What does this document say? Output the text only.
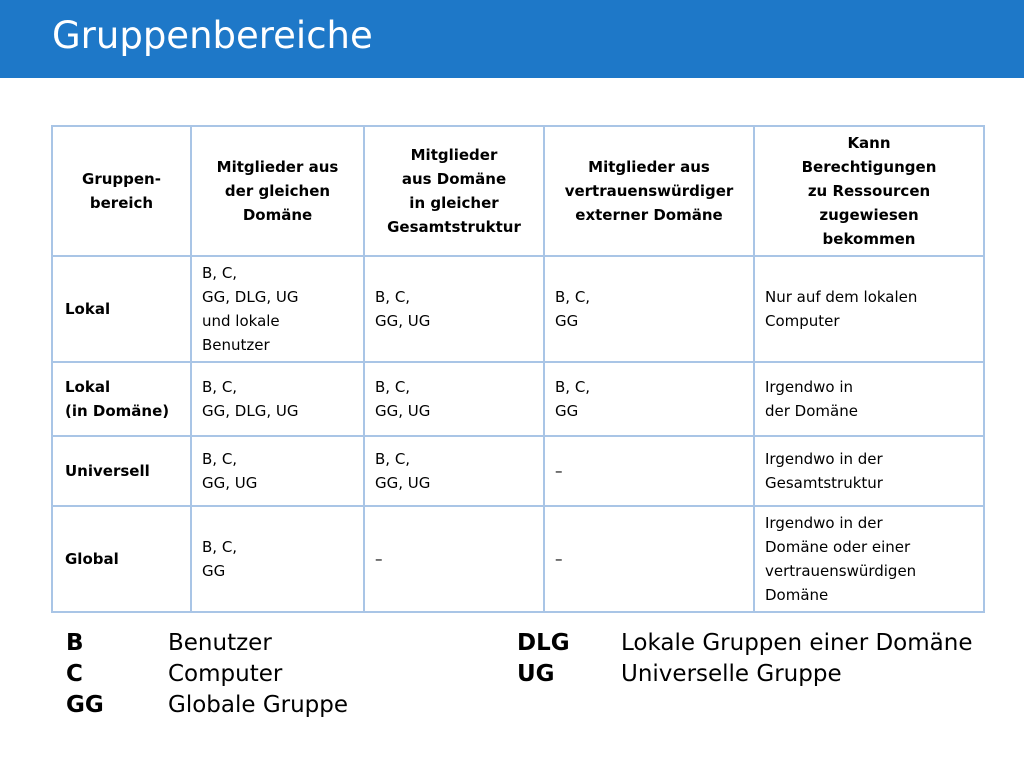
Gruppenbereiche
Gruppen-
bereich	Mitglieder aus
der gleichen
Domäne	Mitglieder
aus Domäne
in gleicher
Gesamtstruktur	Mitglieder aus
vertrauenswürdiger
externer Domäne	Kann
Berechtigungen
zu Ressourcen
zugewiesen
bekommen

Lokal	B, C,
GG, DLG, UG
und lokale
Benutzer	B, C,
GG, UG	B, C,
GG	Nur auf dem lokalen
Computer

Lokal
(in Domäne)	B, C,
GG, DLG, UG	B, C,
GG, UG	B, C,
GG	Irgendwo in
der Domäne

Universell	B, C,
GG, UG	B, C,
GG, UG	–	Irgendwo in der
Gesamtstruktur

Global	B, C,
GG	–	–	Irgendwo in der
Domäne oder einer
vertrauenswürdigen
Domäne
B	Benutzer
C	Computer
GG	Globale Gruppe
DLG Lokale Gruppen einer Domäne
UG	Universelle Gruppe
